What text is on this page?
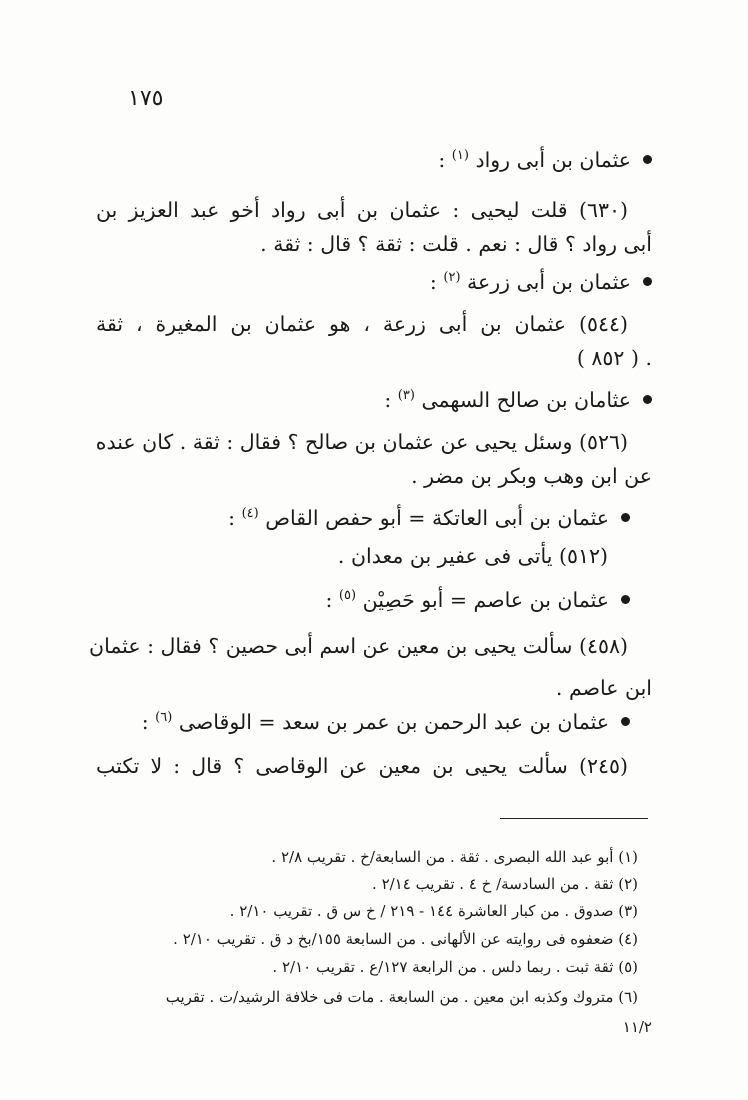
١٧٥
عثمان بن أبى رواد $^{(١)}$ :
(٦٣٠) قلت ليحيى : عثمان بن أبى رواد أخو عبد العزيز بن
أبى رواد ؟ قال : نعم . قلت : ثقة ؟ قال : ثقة .
عثمان بن أبى زرعة $^{(٢)}$ :
(٥٤٤) عثمان بن أبى زرعة ، هو عثمان بن المغيرة ، ثقة
. ( ٨٥٢ )
عثامان بن صالح السهمى $^{(٣)}$ :
(٥٢٦) وسئل يحيى عن عثمان بن صالح ؟ فقال : ثقة . كان عنده
عن ابن وهب وبكر بن مضر .
عثمان بن أبى العاتكة = أبو حفص القاص $^{(٤)}$ :
(٥١٢) يأتى فى عفير بن معدان .
عثمان بن عاصم = أبو حَصِيْن $^{(٥)}$ :
(٤٥٨) سألت يحيى بن معين عن اسم أبى حصين ؟ فقال : عثمان
ابن عاصم .
عثمان بن عبد الرحمن بن عمر بن سعد = الوقاصى $^{(٦)}$ :
(٢٤٥) سألت يحيى بن معين عن الوقاصى ؟ قال : لا تكتب
(١) أبو عبد الله البصرى . ثقة . من السابعة/خ . تقريب ٢/٨ .
(٢) ثقة . من السادسة/ خ ٤ . تقريب ٢/١٤ .
(٣) صدوق . من كبار العاشرة ١٤٤ - ٢١٩ / خ س ق . تقريب ٢/١٠ .
(٤) ضعفوه فى روايته عن الألهانى . من السابعة ١٥٥/بخ د ق . تقريب ٢/١٠ .
(٥) ثقة ثبت . ربما دلس . من الرابعة ١٢٧/ع . تقريب ٢/١٠ .
(٦) متروك وكذبه ابن معين . من السابعة . مات فى خلافة الرشيد/ت . تقريب
١١/٢
